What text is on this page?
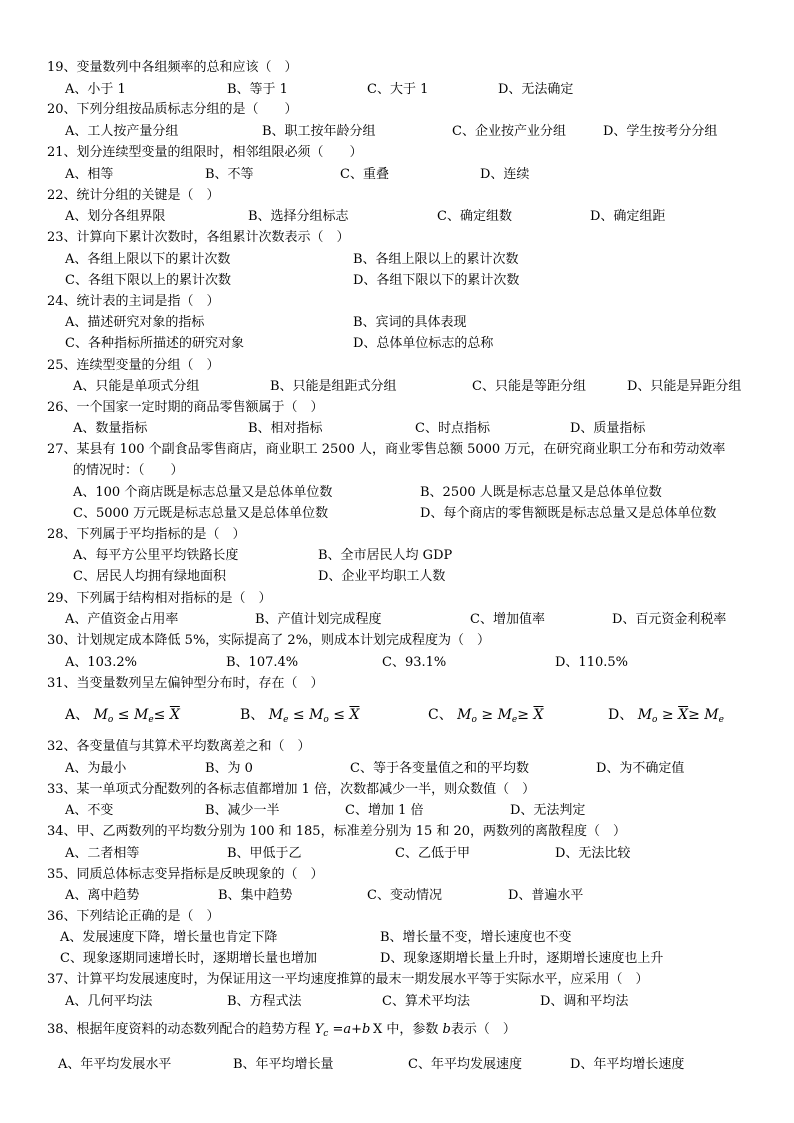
19、变量数列中各组频率的总和应该（　）
A、小于 1	B、等于 1	C、大于 1	D、无法确定
20、下列分组按品质标志分组的是（　　）
A、工人按产量分组	B、职工按年龄分组	C、企业按产业分组	D、学生按考分分组
21、划分连续型变量的组限时，相邻组限必须（　　）
A、相等	B、不等	C、重叠	D、连续
22、统计分组的关键是（　）
A、划分各组界限	B、选择分组标志	C、确定组数	D、确定组距
23、计算向下累计次数时，各组累计次数表示（　）
A、各组上限以下的累计次数	B、各组上限以上的累计次数
C、各组下限以上的累计次数	D、各组下限以下的累计次数
24、统计表的主词是指（　）
A、描述研究对象的指标	B、宾词的具体表现
C、各种指标所描述的研究对象	D、总体单位标志的总称
25、连续型变量的分组（　）
A、只能是单项式分组	B、只能是组距式分组	C、只能是等距分组	D、只能是异距分组
26、一个国家一定时期的商品零售额属于（　）
A、数量指标	B、相对指标	C、时点指标	D、质量指标
27、某县有 100 个副食品零售商店，商业职工 2500 人，商业零售总额 5000 万元，在研究商业职工分布和劳动效率
的情况时：（　　）
A、100 个商店既是标志总量又是总体单位数	B、2500 人既是标志总量又是总体单位数
C、5000 万元既是标志总量又是总体单位数	D、每个商店的零售额既是标志总量又是总体单位数
28、下列属于平均指标的是（　）
A、每平方公里平均铁路长度	B、全市居民人均 GDP
C、居民人均拥有绿地面积	D、企业平均职工人数
29、下列属于结构相对指标的是（　）
A、产值资金占用率	B、产值计划完成程度	C、增加值率	D、百元资金利税率
30、计划规定成本降低 5%，实际提高了 2%，则成本计划完成程度为（　）
A、103.2%	B、107.4%	C、93.1%	D、110.5%
31、当变量数列呈左偏钟型分布时，存在（　）
A、 $M_o \le M_e\le \overline{X}$	B、 $M_e \le M_o \le \overline{X}$	C、 $M_o \ge M_e\ge \overline{X}$	D、 $M_o \ge \overline{X}\ge M_e$
32、各变量值与其算术平均数离差之和（　）
A、为最小	B、为 0	C、等于各变量值之和的平均数	D、为不确定值
33、某一单项式分配数列的各标志值都增加 1 倍，次数都减少一半，则众数值（　）
A、不变	B、减少一半	C、增加 1 倍	D、无法判定
34、甲、乙两数列的平均数分别为 100 和 185，标准差分别为 15 和 20，两数列的离散程度（　）
A、二者相等	B、甲低于乙	C、乙低于甲	D、无法比较
35、同质总体标志变异指标是反映现象的（　）
A、离中趋势	B、集中趋势	C、变动情况	D、普遍水平
36、下列结论正确的是（　）
A、发展速度下降，增长量也肯定下降	B、增长量不变，增长速度也不变
C、现象逐期同速增长时，逐期增长量也增加	D、现象逐期增长量上升时，逐期增长速度也上升
37、计算平均发展速度时，为保证用这一平均速度推算的最末一期发展水平等于实际水平，应采用（　）
A、几何平均法	B、方程式法	C、算术平均法	D、调和平均法
38、根据年度资料的动态数列配合的趋势方程 $Y_c =a+b$  X 中，参数 b表示（　）
A、年平均发展水平	B、年平均增长量	C、年平均发展速度	D、年平均增长速度
